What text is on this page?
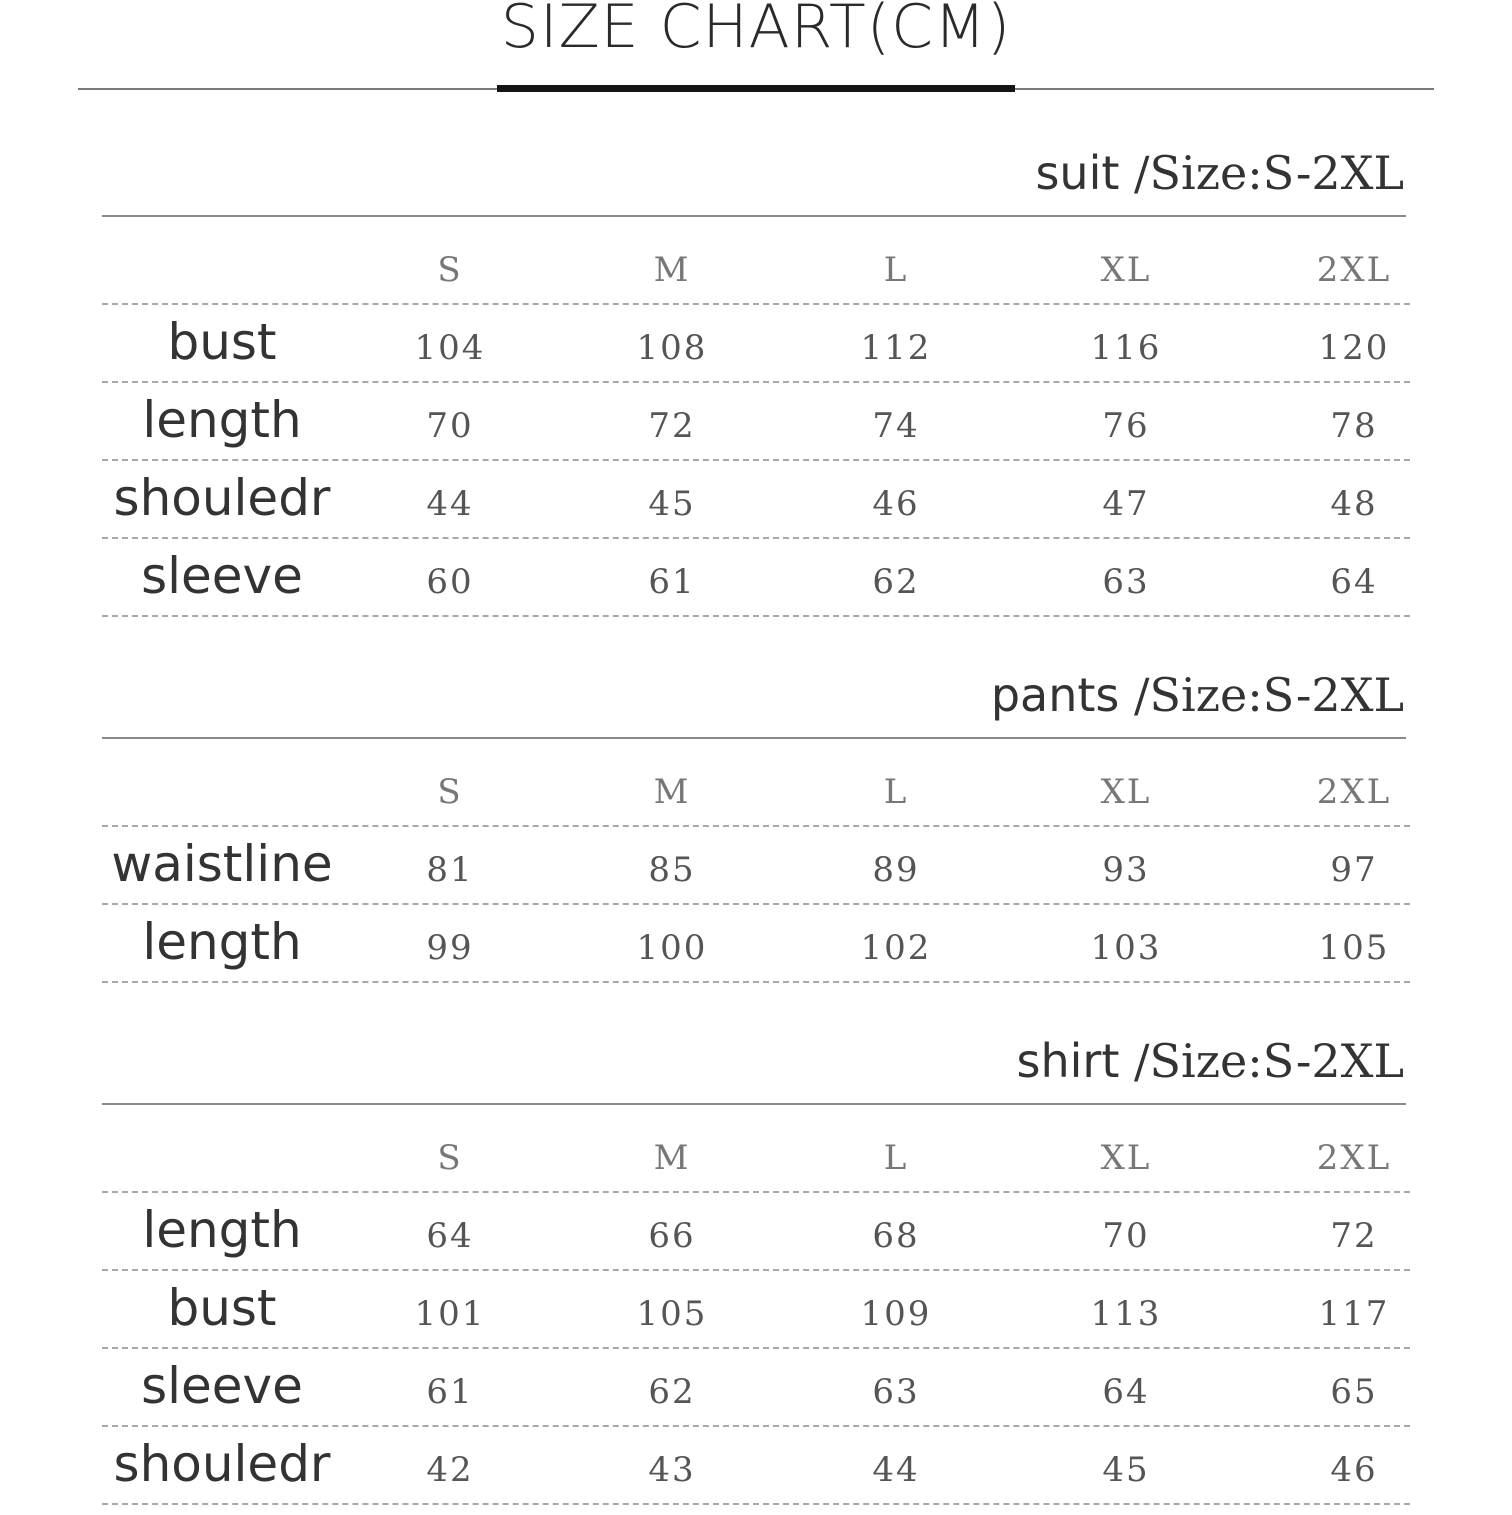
SIZE CHART(CM)
suit /Size:S-2XL
S	M	L	XL	2XL
bust	104	108	112	116	120
length	70	72	74	76	78
shouledr	44	45	46	47	48
sleeve	60	61	62	63	64
pants /Size:S-2XL
S	M	L	XL	2XL
waistline	81	85	89	93	97
length	99	100	102	103	105
shirt /Size:S-2XL
S	M	L	XL	2XL
length	64	66	68	70	72
bust	101	105	109	113	117
sleeve	61	62	63	64	65
shouledr	42	43	44	45	46
